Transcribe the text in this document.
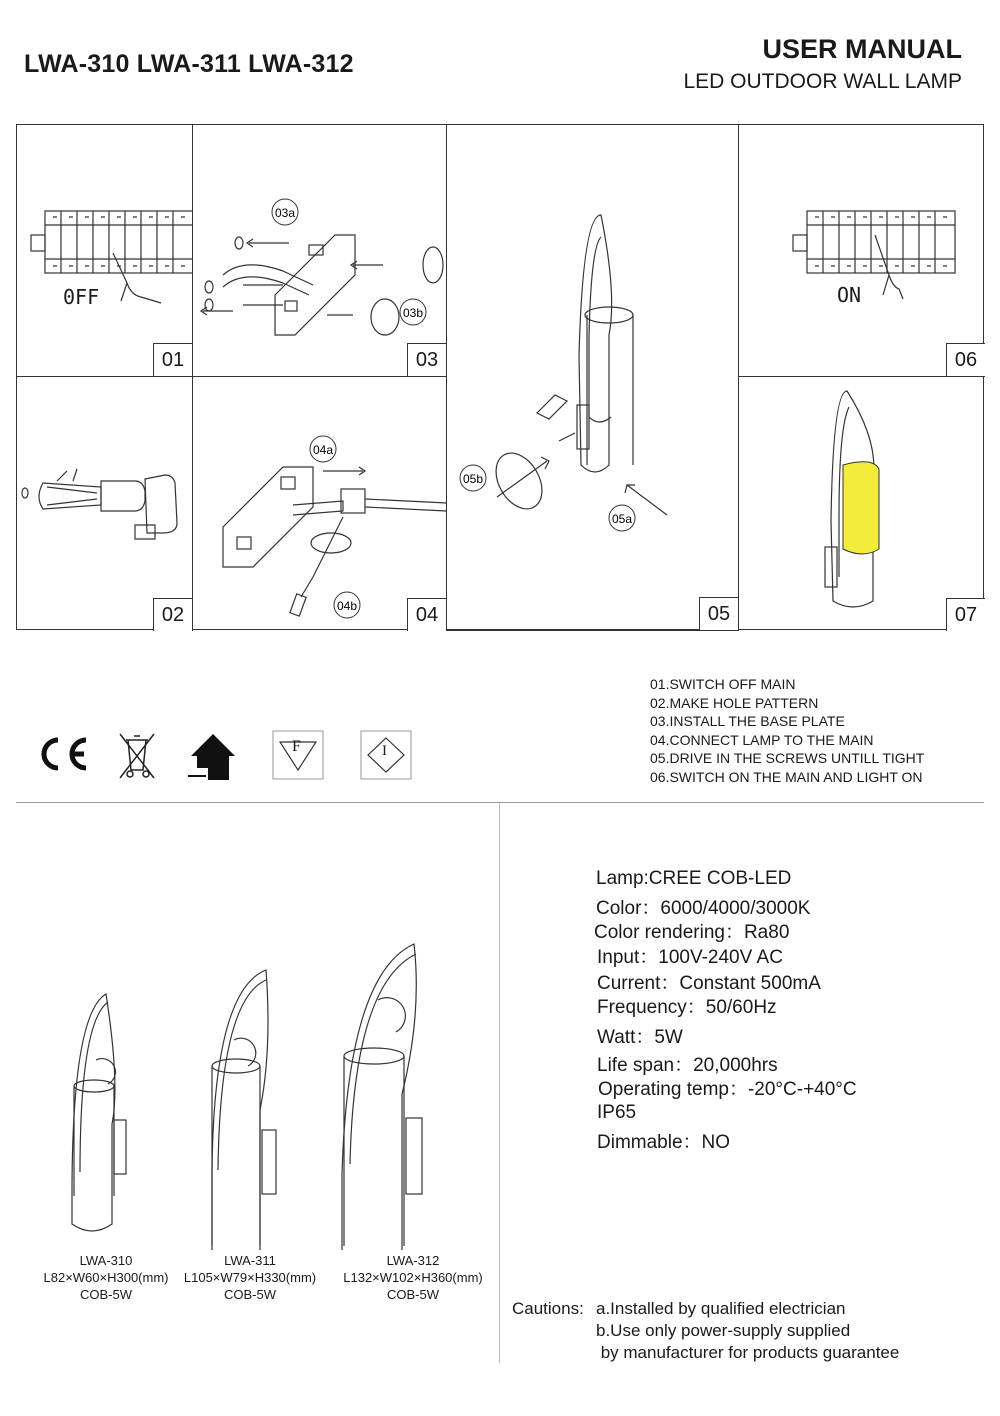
LWA-310 LWA-311 LWA-312	USER MANUAL
LED OUTDOOR WALL LAMP
0FF
01
03a
03b
03
05b
05a
05
ON
06
02
04a
04b	04	07
F	I
01.SWITCH OFF MAIN
02.MAKE HOLE PATTERN
03.INSTALL THE BASE PLATE
04.CONNECT LAMP TO THE MAIN
05.DRIVE IN THE SCREWS UNTILL TIGHT
06.SWITCH ON THE MAIN AND LIGHT ON
LWA-310
L82×W60×H300(mm)
COB-5W
LWA-311
L105×W79×H330(mm)
COB-5W
LWA-312
L132×W102×H360(mm)
COB-5W
Lamp:CREE COB-LED
Color：6000/4000/3000K
Color rendering：Ra80
Input：100V-240V AC
Current：Constant 500mA
Frequency：50/60Hz
Watt：5W
Life span：20,000hrs
Operating temp：-20°C-+40°C
IP65
Dimmable：NO
Cautions: a.Installed by qualified electrician
b.Use only power-supply supplied
by manufacturer for products guarantee
